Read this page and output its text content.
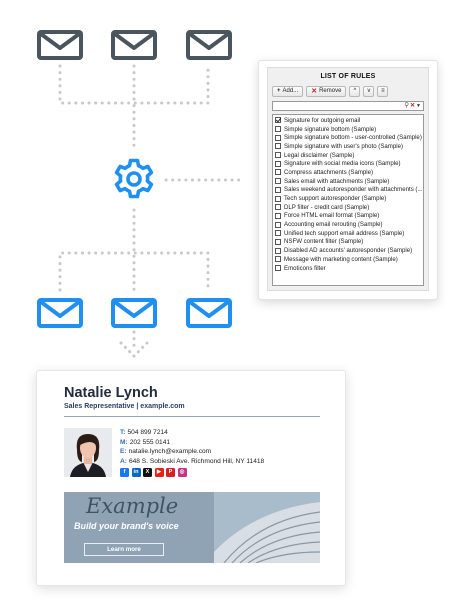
LIST OF RULES
+ Add... ✕ Remove ^ v ≡
⚲ ✕ ▼
Signature for outgoing email
Simple signature bottom (Sample)
Simple signature bottom - user-controlled (Sample)
Simple signature with user's photo (Sample)
Legal disclaimer (Sample)
Signature with social media icons (Sample)
Compress attachments (Sample)
Sales email with attachments (Sample)
Sales weekend autoresponder with attachments (...
Tech support autoresponder (Sample)
DLP filter - credit card (Sample)
Force HTML email format (Sample)
Accounting email rerouting (Sample)
Unified tech support email address (Sample)
NSFW content filter (Sample)
Disabled AD accounts' autoresponder (Sample)
Message with marketing content (Sample)
Emoticons filter
Natalie Lynch
Sales Representative | example.com
T: 504 899 7214
M: 202 555 0141
E: natalie.lynch@example.com
A: 648 S. Sobieski Ave. Richmond Hill, NY 11418
f	in	X	▶	P	◎
Example
Build your brand's voice
Learn more
